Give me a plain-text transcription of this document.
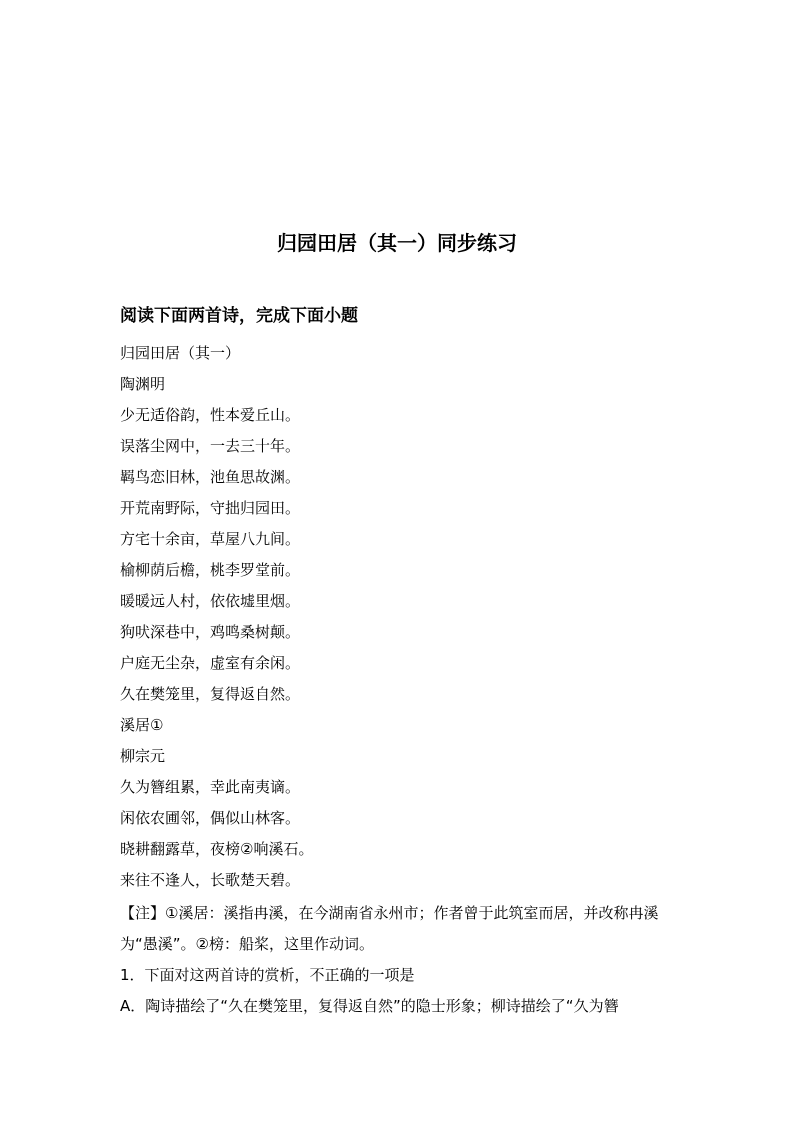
归园田居（其一）同步练习
阅读下面两首诗，完成下面小题
归园田居（其一）
陶渊明
少无适俗韵，性本爱丘山。
误落尘网中，一去三十年。
羁鸟恋旧林，池鱼思故渊。
开荒南野际，守拙归园田。
方宅十余亩，草屋八九间。
榆柳荫后檐，桃李罗堂前。
暖暖远人村，依依墟里烟。
狗吠深巷中，鸡鸣桑树颠。
户庭无尘杂，虚室有余闲。
久在樊笼里，复得返自然。
溪居①
柳宗元
久为簪组累，幸此南夷谪。
闲依农圃邻，偶似山林客。
晓耕翻露草，夜榜②响溪石。
来往不逢人，长歌楚天碧。
【注】①溪居：溪指冉溪，在今湖南省永州市；作者曾于此筑室而居，并改称冉溪为“愚溪”。②榜：船桨，这里作动词。
1．下面对这两首诗的赏析，不正确的一项是
A．陶诗描绘了“久在樊笼里，复得返自然”的隐士形象；柳诗描绘了“久为簪
